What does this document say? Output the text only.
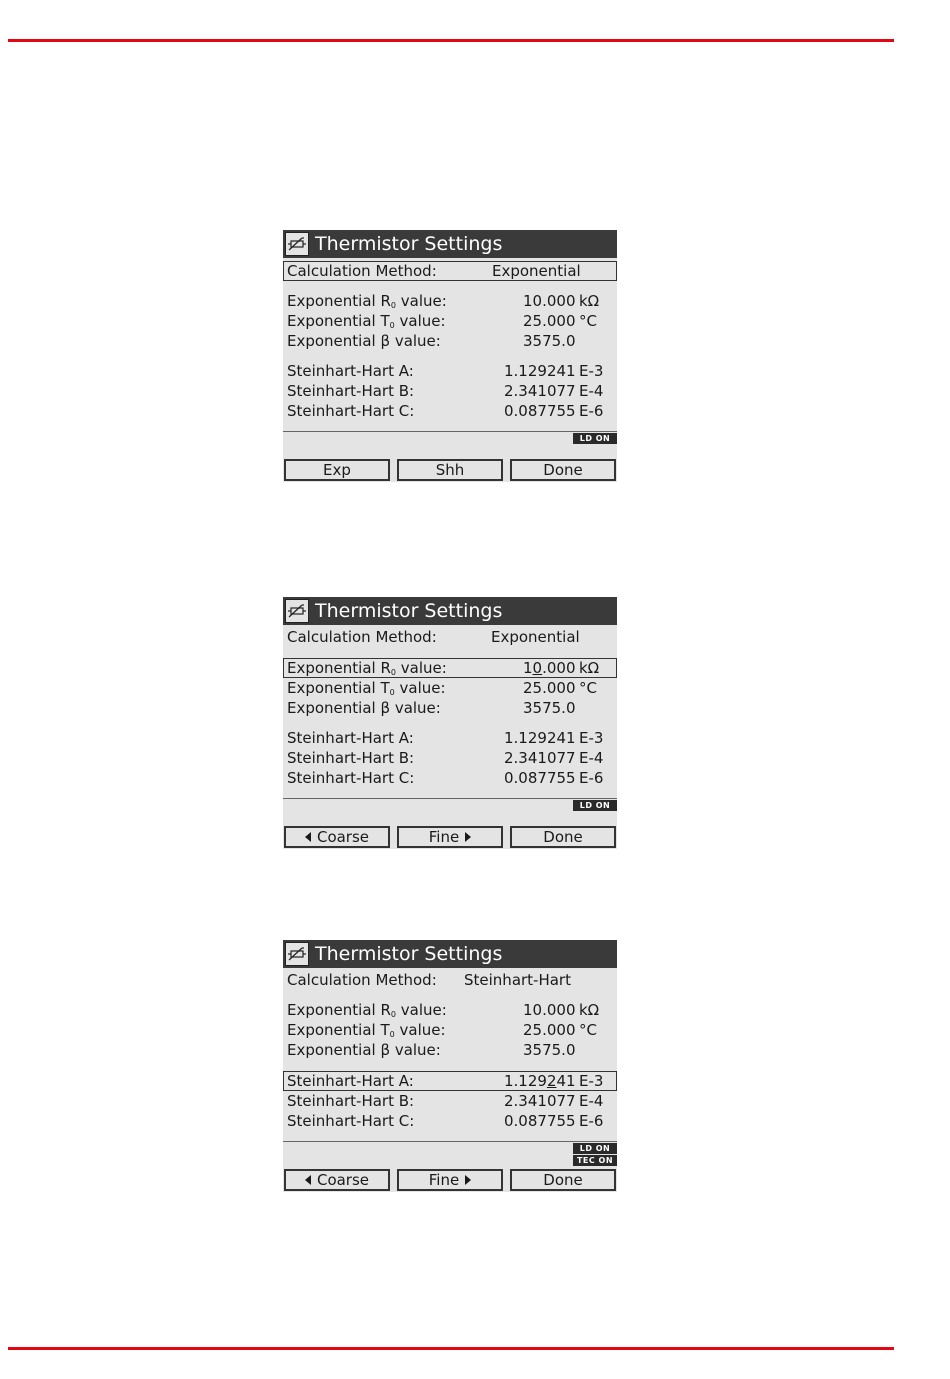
Thermistor Settings
Calculation Method:	Exponential
Exponential $R_0$ value:	10.000 kΩ
Exponential $T_0$ value:	25.000 °C
Exponential β value:	3575.0
Steinhart-Hart A:	1.129241 E-3
Steinhart-Hart B:	2.341077 E-4
Steinhart-Hart C:	0.087755 E-6
LD ON
Exp	Shh	Done
Thermistor Settings
Calculation Method:	Exponential
Exponential $R_0$ value:	10.000 kΩ
Exponential $T_0$ value:	25.000 °C
Exponential β value:	3575.0
Steinhart-Hart A:	1.129241 E-3
Steinhart-Hart B:	2.341077 E-4
Steinhart-Hart C:	0.087755 E-6
LD ON
Coarse	Fine	Done
Thermistor Settings
Calculation Method: Steinhart-Hart
Exponential $R_0$ value:	10.000 kΩ
Exponential $T_0$ value:	25.000 °C
Exponential β value:	3575.0
Steinhart-Hart A:	1.129241 E-3
Steinhart-Hart B:	2.341077 E-4
Steinhart-Hart C:	0.087755 E-6
LD ON
TEC ON
Coarse	Fine	Done
